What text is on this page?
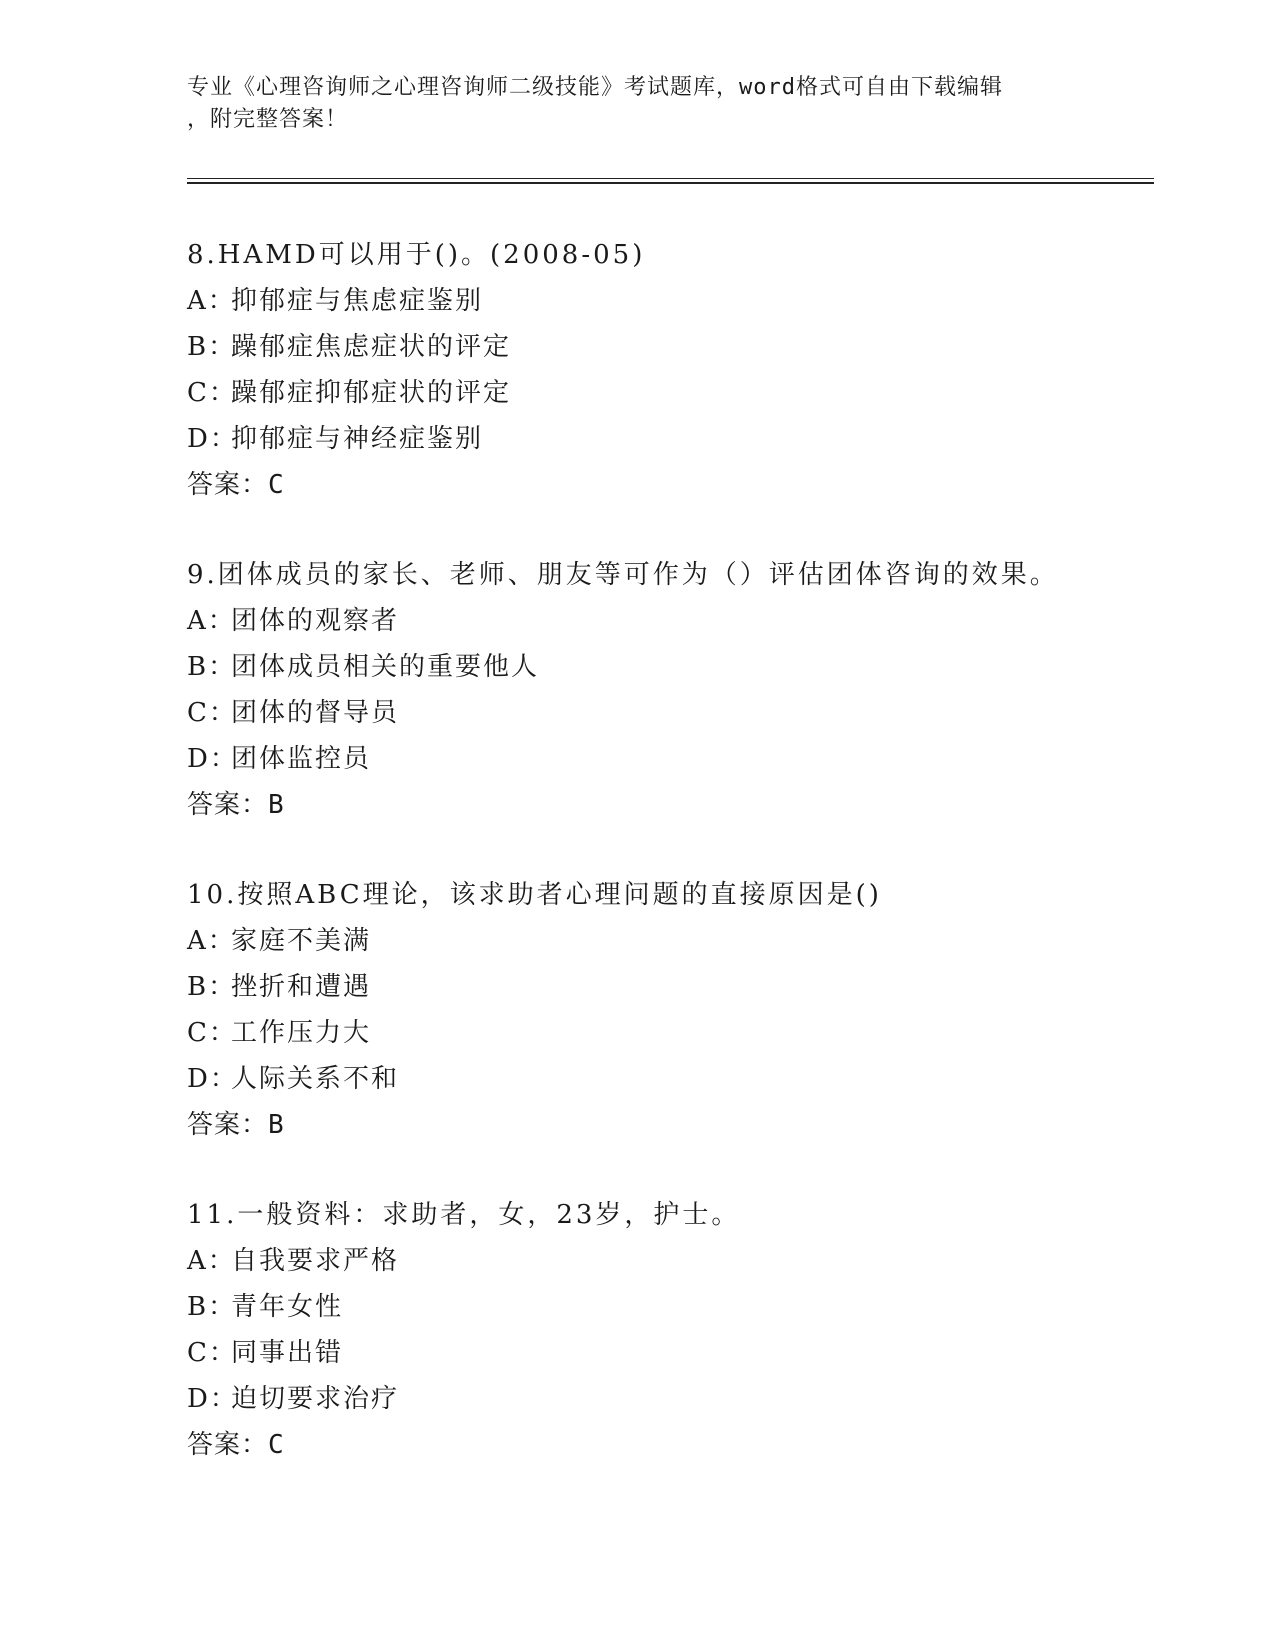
专业《心理咨询师之心理咨询师二级技能》考试题库，word格式可自由下载编辑
，附完整答案！
8.HAMD可以用于()。(2008-05)
A：抑郁症与焦虑症鉴别
B：躁郁症焦虑症状的评定
C：躁郁症抑郁症状的评定
D：抑郁症与神经症鉴别
答案：C
9.团体成员的家长、老师、朋友等可作为（）评估团体咨询的效果。
A：团体的观察者
B：团体成员相关的重要他人
C：团体的督导员
D：团体监控员
答案：B
10.按照ABC理论，该求助者心理问题的直接原因是()
A：家庭不美满
B：挫折和遭遇
C：工作压力大
D：人际关系不和
答案：B
11.一般资料：求助者，女，23岁，护士。
A：自我要求严格
B：青年女性
C：同事出错
D：迫切要求治疗
答案：C
